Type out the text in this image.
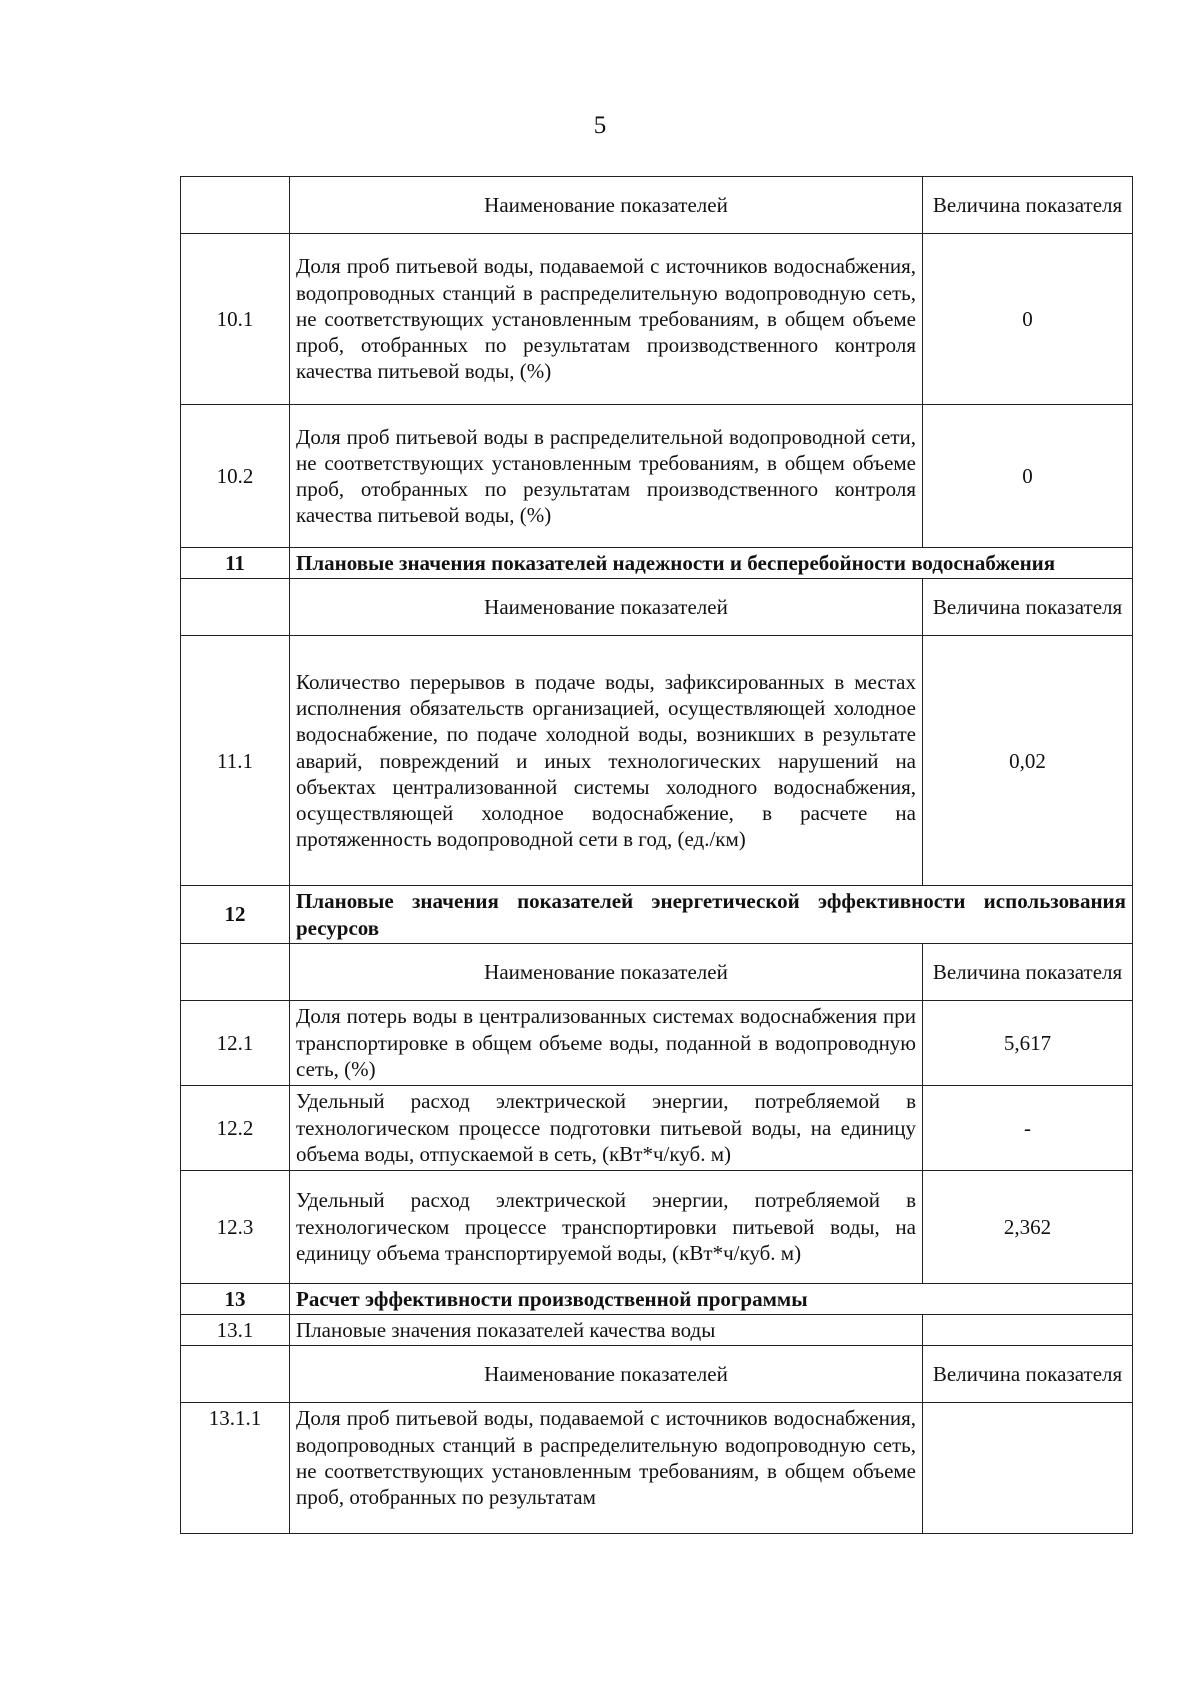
5
	Наименование показателей	Величина показателя
10.1	Доля проб питьевой воды, подаваемой с источников водоснабжения, водопроводных станций в распределительную водопроводную сеть, не соответствующих установленным требованиям, в общем объеме проб, отобранных по результатам производственного контроля качества питьевой воды, (%)	0
10.2	Доля проб питьевой воды в распределительной водопроводной сети, не соответствующих установленным требованиям, в общем объеме проб, отобранных по результатам производственного контроля качества питьевой воды, (%)	0
11	Плановые значения показателей надежности и бесперебойности водоснабжения	
	Наименование показателей	Величина показателя
11.1	Количество перерывов в подаче воды, зафиксированных в местах исполнения обязательств организацией, осуществляющей холодное водоснабжение, по подаче холодной воды, возникших в результате аварий, повреждений и иных технологических нарушений на объектах централизованной системы холодного водоснабжения, осуществляющей холодное водоснабжение, в расчете на протяженность водопроводной сети в год, (ед./км)	0,02
12	Плановые значения показателей энергетической эффективности использования ресурсов	
	Наименование показателей	Величина показателя
12.1	Доля потерь воды в централизованных системах водоснабжения при транспортировке в общем объеме воды, поданной в водопроводную сеть, (%)	5,617
12.2	Удельный расход электрической энергии, потребляемой в технологическом процессе подготовки питьевой воды, на единицу объема воды, отпускаемой в сеть, (кВт*ч/куб. м)	-
12.3	Удельный расход электрической энергии, потребляемой в технологическом процессе транспортировки питьевой воды, на единицу объема транспортируемой воды, (кВт*ч/куб. м)	2,362
13	Расчет эффективности производственной программы	
13.1	Плановые значения показателей качества воды	
	Наименование показателей	Величина показателя
13.1.1	Доля проб питьевой воды, подаваемой с источников водоснабжения, водопроводных станций в распределительную водопроводную сеть, не соответствующих установленным требованиям, в общем объеме проб, отобранных по результатам	
